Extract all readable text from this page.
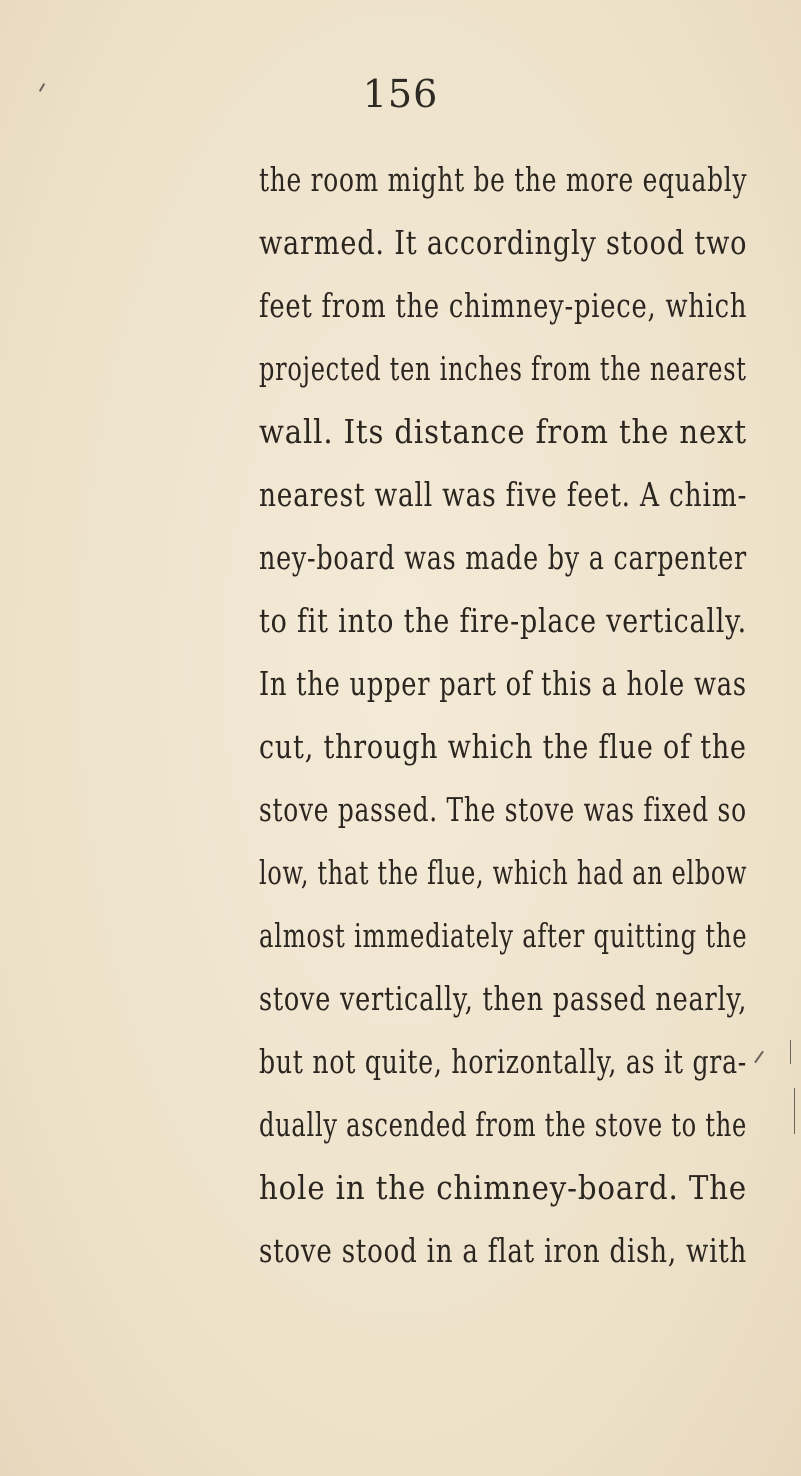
156
the room might be the more equably
warmed. It accordingly stood two
feet from the chimney-piece, which
projected ten inches from the nearest
wall. Its distance from the next
nearest wall was five feet. A chim-
ney-board was made by a carpenter
to fit into the fire-place vertically.
In the upper part of this a hole was
cut, through which the flue of the
stove passed. The stove was fixed so
low, that the flue, which had an elbow
almost immediately after quitting the
stove vertically, then passed nearly,
but not quite, horizontally, as it gra-
dually ascended from the stove to the
hole in the chimney-board. The
stove stood in a flat iron dish, with
